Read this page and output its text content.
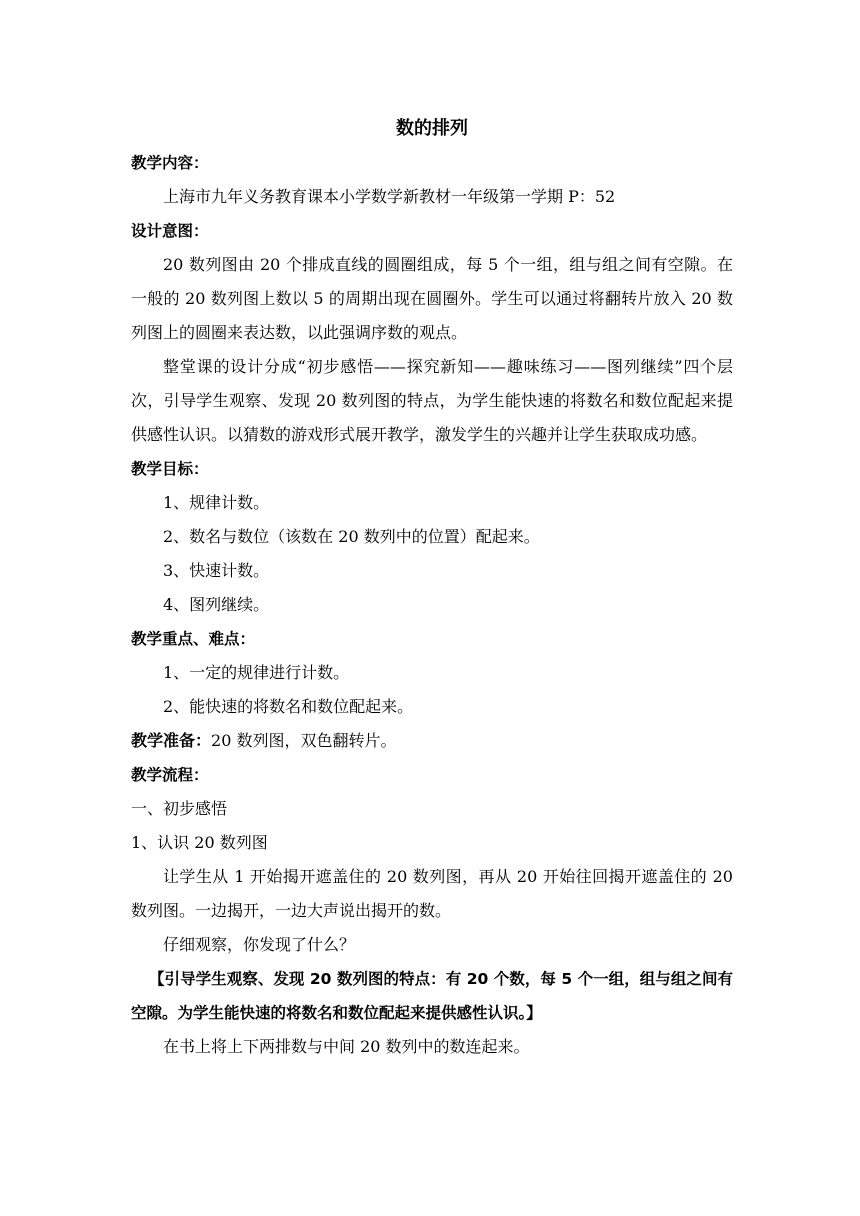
数的排列
教学内容：
上海市九年义务教育课本小学数学新教材一年级第一学期 P：52
设计意图：
20 数列图由 20 个排成直线的圆圈组成，每 5 个一组，组与组之间有空隙。在一般的 20 数列图上数以 5 的周期出现在圆圈外。学生可以通过将翻转片放入 20 数列图上的圆圈来表达数，以此强调序数的观点。
整堂课的设计分成“初步感悟——探究新知——趣味练习——图列继续”四个层次，引导学生观察、发现 20 数列图的特点，为学生能快速的将数名和数位配起来提供感性认识。以猜数的游戏形式展开教学，激发学生的兴趣并让学生获取成功感。
教学目标：
1、规律计数。
2、数名与数位（该数在 20 数列中的位置）配起来。
3、快速计数。
4、图列继续。
教学重点、难点：
1、一定的规律进行计数。
2、能快速的将数名和数位配起来。
教学准备：20 数列图，双色翻转片。
教学流程：
一、初步感悟
1、认识 20 数列图
让学生从 1 开始揭开遮盖住的 20 数列图，再从 20 开始往回揭开遮盖住的 20 数列图。一边揭开，一边大声说出揭开的数。
仔细观察，你发现了什么？
【引导学生观察、发现 20 数列图的特点：有 20 个数，每 5 个一组，组与组之间有空隙。为学生能快速的将数名和数位配起来提供感性认识。】
在书上将上下两排数与中间 20 数列中的数连起来。
